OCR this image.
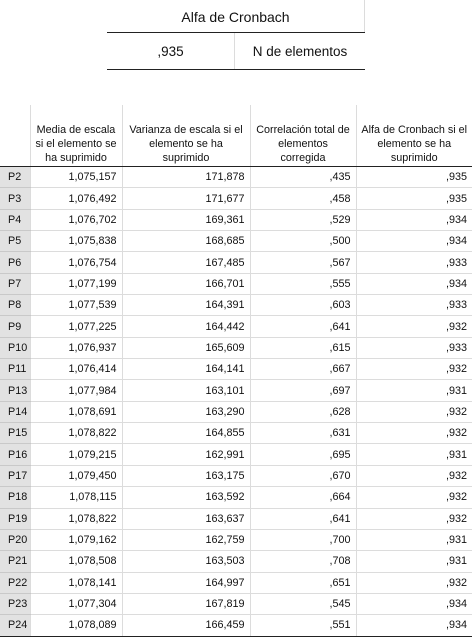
Alfa de Cronbach
,935	N de elementos

	Media de escala si el elemento se ha suprimido	Varianza de escala si el elemento se ha suprimido	Correlación total de elementos corregida	Alfa de Cronbach si el elemento se ha suprimido

P2	1,075,157	171,878	,435	,935
P3	1,076,492	171,677	,458	,935
P4	1,076,702	169,361	,529	,934
P5	1,075,838	168,685	,500	,934
P6	1,076,754	167,485	,567	,933
P7	1,077,199	166,701	,555	,934
P8	1,077,539	164,391	,603	,933
P9	1,077,225	164,442	,641	,932
P10	1,076,937	165,609	,615	,933
P11	1,076,414	164,141	,667	,932
P13	1,077,984	163,101	,697	,931
P14	1,078,691	163,290	,628	,932
P15	1,078,822	164,855	,631	,932
P16	1,079,215	162,991	,695	,931
P17	1,079,450	163,175	,670	,932
P18	1,078,115	163,592	,664	,932
P19	1,078,822	163,637	,641	,932
P20	1,079,162	162,759	,700	,931
P21	1,078,508	163,503	,708	,931
P22	1,078,141	164,997	,651	,932
P23	1,077,304	167,819	,545	,934
P24	1,078,089	166,459	,551	,934
